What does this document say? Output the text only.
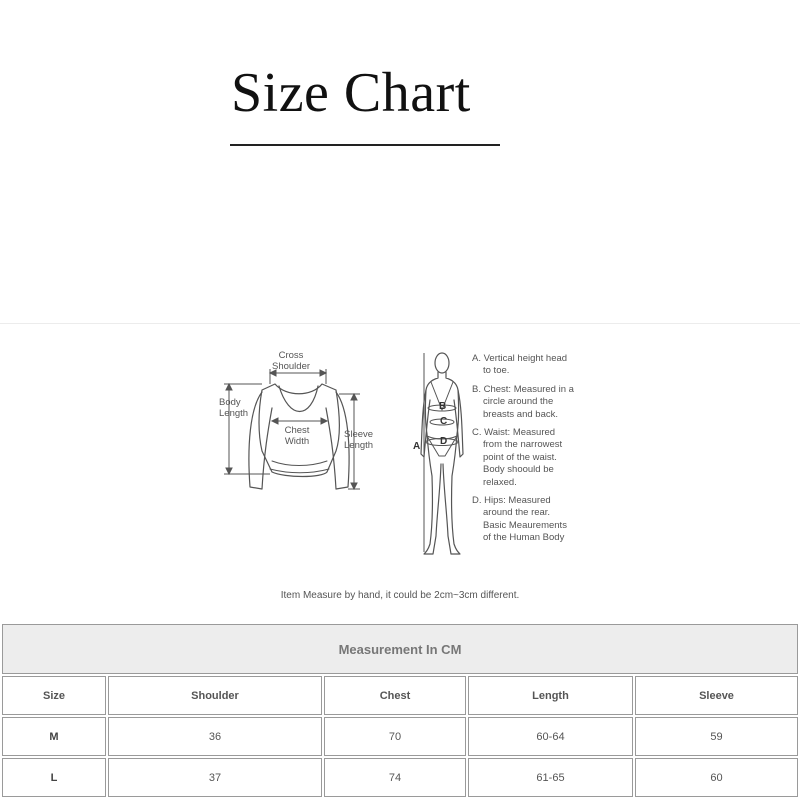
Size Chart
Cross
Shoulder
Body
Length
Chest
Width
Sleeve
Length
B
C
D
A
A. Vertical height head
to toe.
B. Chest: Measured in a
circle around the
breasts and back.
C. Waist: Measured
from the narrowest
point of the waist.
Body shoould be
relaxed.
D. Hips: Measured
around the rear.
Basic Meaurements
of the Human Body
Item Measure by hand, it could be 2cm~3cm different.
Measurement In CM				
Size	Shoulder	Chest	Length	Sleeve
M	36	70	60-64	59
L	37	74	61-65	60
